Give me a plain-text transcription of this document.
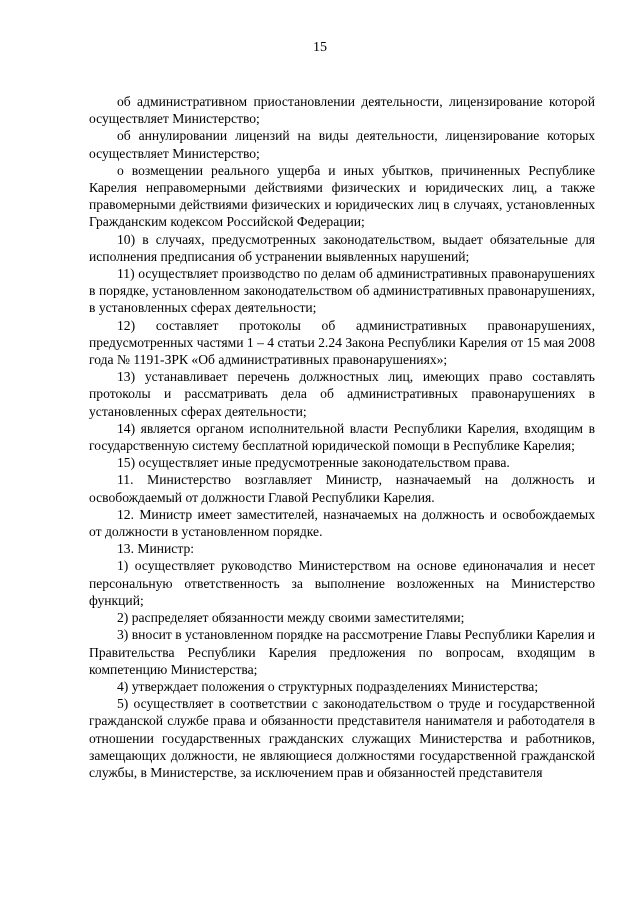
15

об административном приостановлении деятельности, лицензирование которой осуществляет Министерство;

об аннулировании лицензий на виды деятельности, лицензирование которых осуществляет Министерство;

о возмещении реального ущерба и иных убытков, причиненных Республике Карелия неправомерными действиями физических и юридических лиц, а также правомерными действиями физических и юридических лиц в случаях, установленных Гражданским кодексом Российской Федерации;

10) в случаях, предусмотренных законодательством, выдает обязательные для исполнения предписания об устранении выявленных нарушений;

11) осуществляет производство по делам об административных правонарушениях в порядке, установленном законодательством об административных правонарушениях, в установленных сферах деятельности;

12) составляет протоколы об административных правонарушениях, предусмотренных частями 1 – 4 статьи 2.24 Закона Республики Карелия от 15 мая 2008 года № 1191-ЗРК «Об административных правонарушениях»;

13) устанавливает перечень должностных лиц, имеющих право составлять протоколы и рассматривать дела об административных правонарушениях в установленных сферах деятельности;

14) является органом исполнительной власти Республики Карелия, входящим в государственную систему бесплатной юридической помощи в Республике Карелия;

15) осуществляет иные предусмотренные законодательством права.

11. Министерство возглавляет Министр, назначаемый на должность и освобождаемый от должности Главой Республики Карелия.

12. Министр имеет заместителей, назначаемых на должность и освобождаемых от должности в установленном порядке.

13. Министр:

1) осуществляет руководство Министерством на основе единоначалия и несет персональную ответственность за выполнение возложенных на Министерство функций;

2) распределяет обязанности между своими заместителями;

3) вносит в установленном порядке на рассмотрение Главы Республики Карелия и Правительства Республики Карелия предложения по вопросам, входящим в компетенцию Министерства;

4) утверждает положения о структурных подразделениях Министерства;

5) осуществляет в соответствии с законодательством о труде и государственной гражданской службе права и обязанности представителя нанимателя и работодателя в отношении государственных гражданских служащих Министерства и работников, замещающих должности, не являющиеся должностями государственной гражданской службы, в Министерстве, за исключением прав и обязанностей представителя
